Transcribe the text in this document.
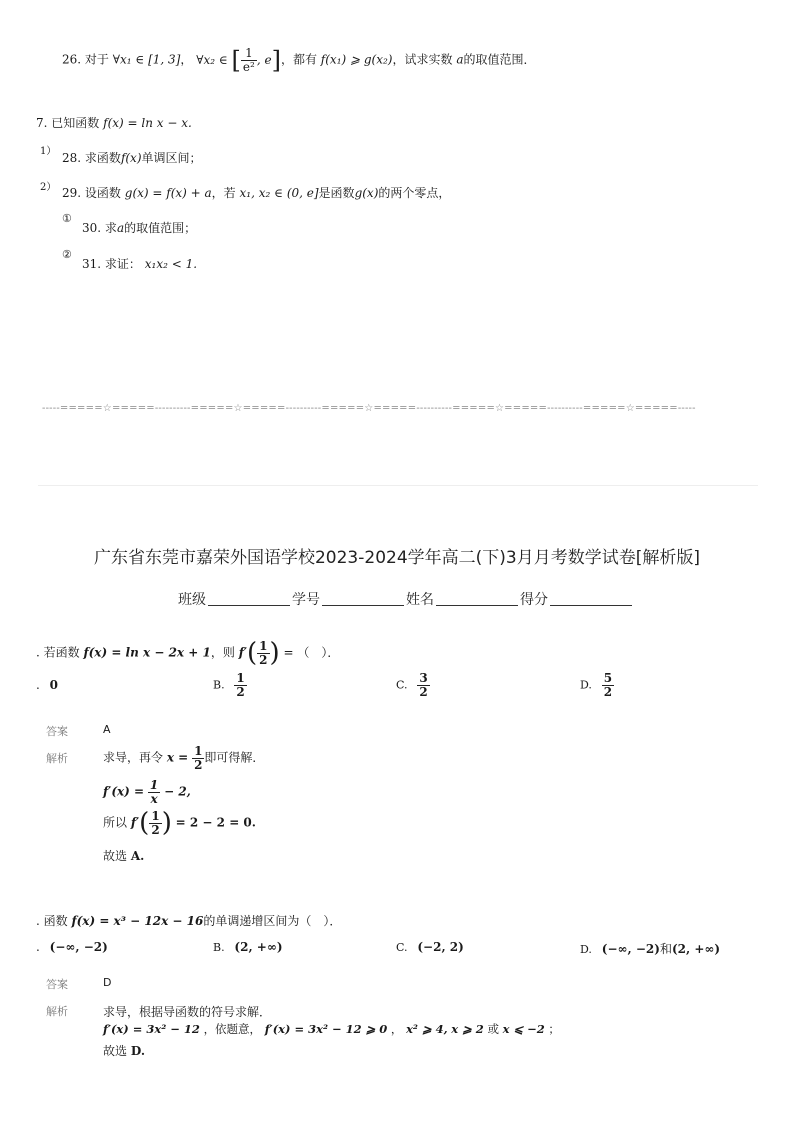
26. 对于 ∀x₁ ∈ [1, 3]， ∀x₂ ∈ [ $\frac{1}{\text{e²}}$ , e]，都有 f(x₁) ⩾ g(x₂)，试求实数 a的取值范围．
7. 已知函数 f(x) = ln x − x.
1） 28. 求函数f(x)单调区间；
2） 29. 设函数 g(x) = f(x) + a，若 x₁, x₂ ∈ (0, e]是函数g(x)的两个零点，
①
30. 求a的取值范围；
②
31. 求证： x₁x₂ < 1.
-----=====☆=====----------=====☆=====----------=====☆=====----------=====☆=====----------=====☆=====-----
广东省东莞市嘉荣外国语学校2023-2024学年高二(下)3月月考数学试卷[解析版]
班级	学号	姓名	得分
. 若函数 f(x) = ln x − 2x + 1，则 $f'( \frac{1}{2}$ ) = （　）．
. 0	B. $\frac{1}{2}$	C. $\frac{3}{2}$	D. $\frac{5}{2}$
答案	A
解析	求导，再令 $x = \frac{1}{2}$ 即可得解．
$f'(x) = \frac{1}{x} - 2$,
所以 $f'( \frac{1}{2}$ ) = 2 − 2 = 0.
故选 A.
. 函数 f(x) = x³ − 12x − 16的单调递增区间为（　）．
. (−∞, −2)	B. (2, +∞)	C. (−2, 2)	D. (−∞, −2)和(2, +∞)
答案	D
解析	求导，根据导函数的符号求解．
f′(x) = 3x² − 12 ，依题意， f′(x) = 3x² − 12 ⩾ 0 ， x² ⩾ 4, x ⩾ 2 或 x ⩽ −2 ；
故选 D.
